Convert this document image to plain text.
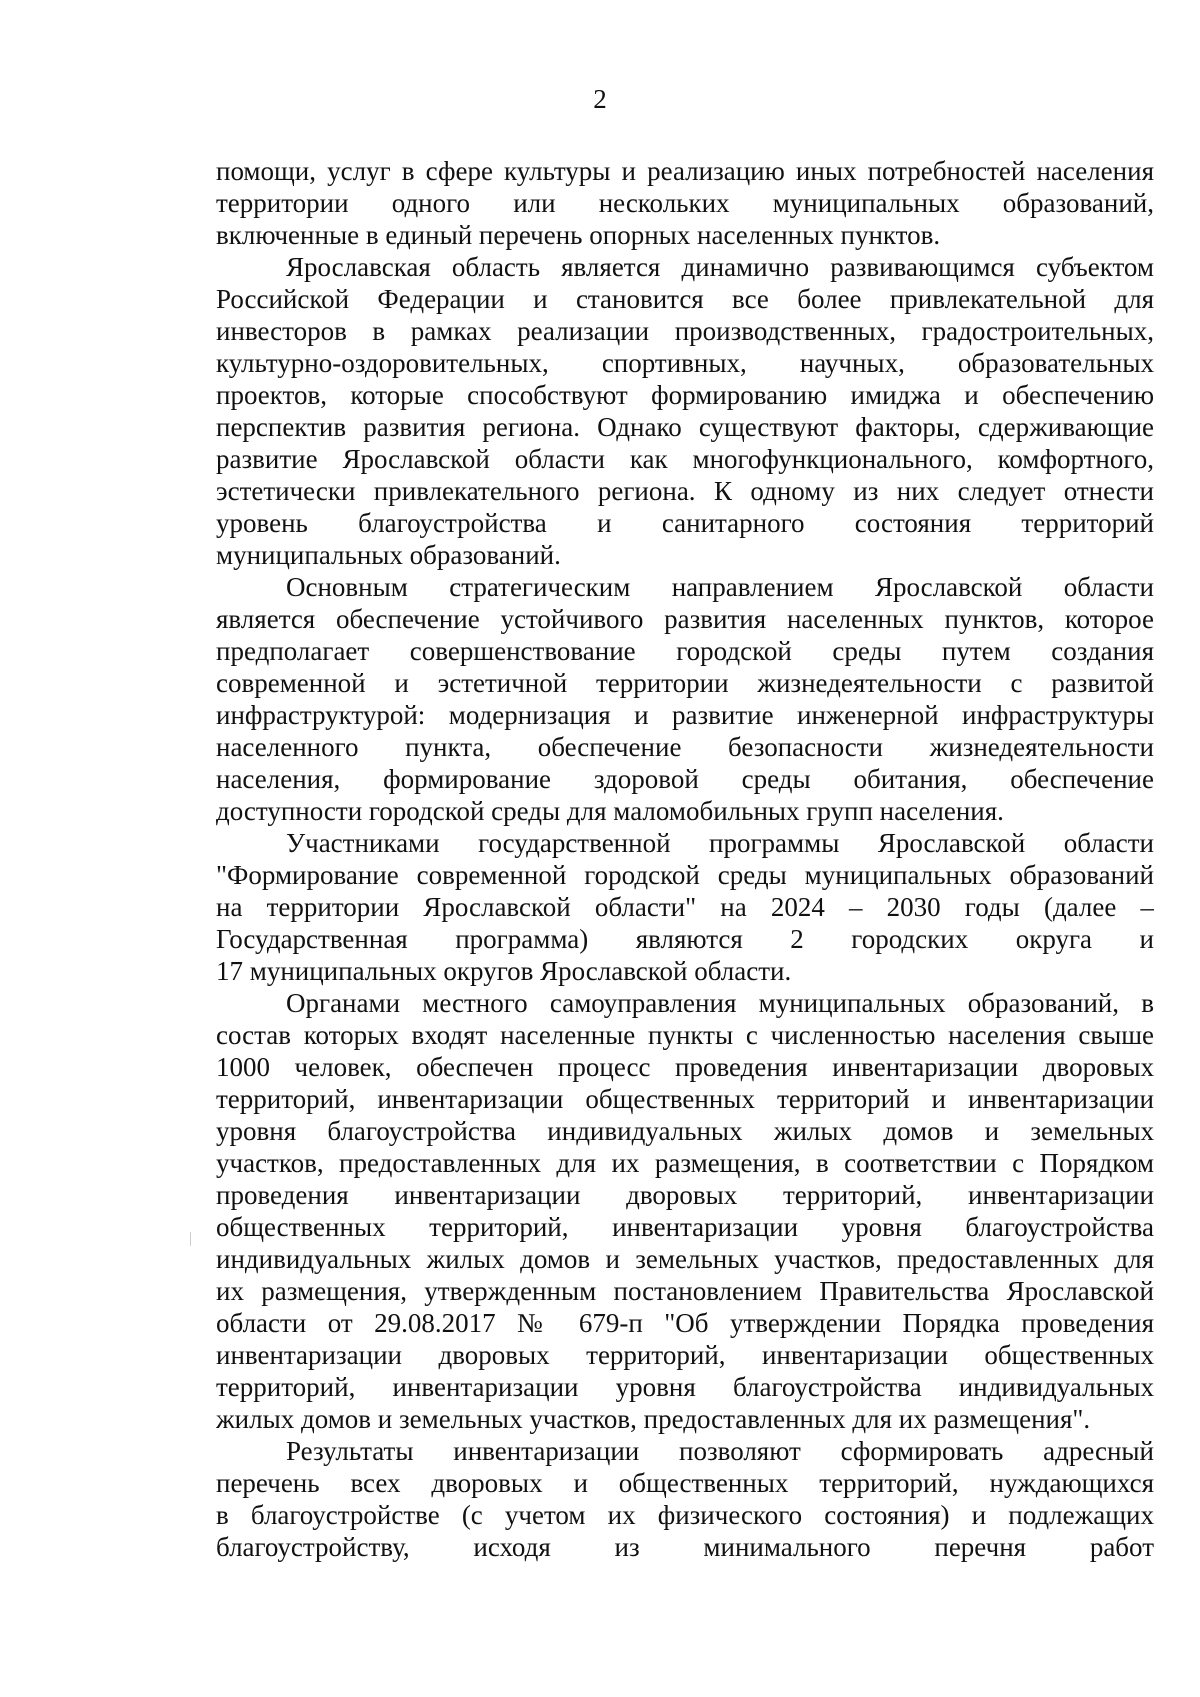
2
помощи, услуг в сфере культуры и реализацию иных потребностей населения
территории одного или нескольких муниципальных образований,
включенные в единый перечень опорных населенных пунктов.
Ярославская область является динамично развивающимся субъектом
Российской Федерации и становится все более привлекательной для
инвесторов в рамках реализации производственных, градостроительных,
культурно-оздоровительных, спортивных, научных, образовательных
проектов, которые способствуют формированию имиджа и обеспечению
перспектив развития региона. Однако существуют факторы, сдерживающие
развитие Ярославской области как многофункционального, комфортного,
эстетически привлекательного региона. К одному из них следует отнести
уровень благоустройства и санитарного состояния территорий
муниципальных образований.
Основным стратегическим направлением Ярославской области
является обеспечение устойчивого развития населенных пунктов, которое
предполагает совершенствование городской среды путем создания
современной и эстетичной территории жизнедеятельности с развитой
инфраструктурой: модернизация и развитие инженерной инфраструктуры
населенного пункта, обеспечение безопасности жизнедеятельности
населения, формирование здоровой среды обитания, обеспечение
доступности городской среды для маломобильных групп населения.
Участниками государственной программы Ярославской области
"Формирование современной городской среды муниципальных образований
на территории Ярославской области" на 2024 – 2030 годы (далее –
Государственная программа) являются 2 городских округа и
17 муниципальных округов Ярославской области.
Органами местного самоуправления муниципальных образований, в
состав которых входят населенные пункты с численностью населения свыше
1000 человек, обеспечен процесс проведения инвентаризации дворовых
территорий, инвентаризации общественных территорий и инвентаризации
уровня благоустройства индивидуальных жилых домов и земельных
участков, предоставленных для их размещения, в соответствии с Порядком
проведения инвентаризации дворовых территорий, инвентаризации
общественных территорий, инвентаризации уровня благоустройства
индивидуальных жилых домов и земельных участков, предоставленных для
их размещения, утвержденным постановлением Правительства Ярославской
области от 29.08.2017 № 679-п "Об утверждении Порядка проведения
инвентаризации дворовых территорий, инвентаризации общественных
территорий, инвентаризации уровня благоустройства индивидуальных
жилых домов и земельных участков, предоставленных для их размещения".
Результаты инвентаризации позволяют сформировать адресный
перечень всех дворовых и общественных территорий, нуждающихся
в благоустройстве (с учетом их физического состояния) и подлежащих
благоустройству, исходя из минимального перечня работ
